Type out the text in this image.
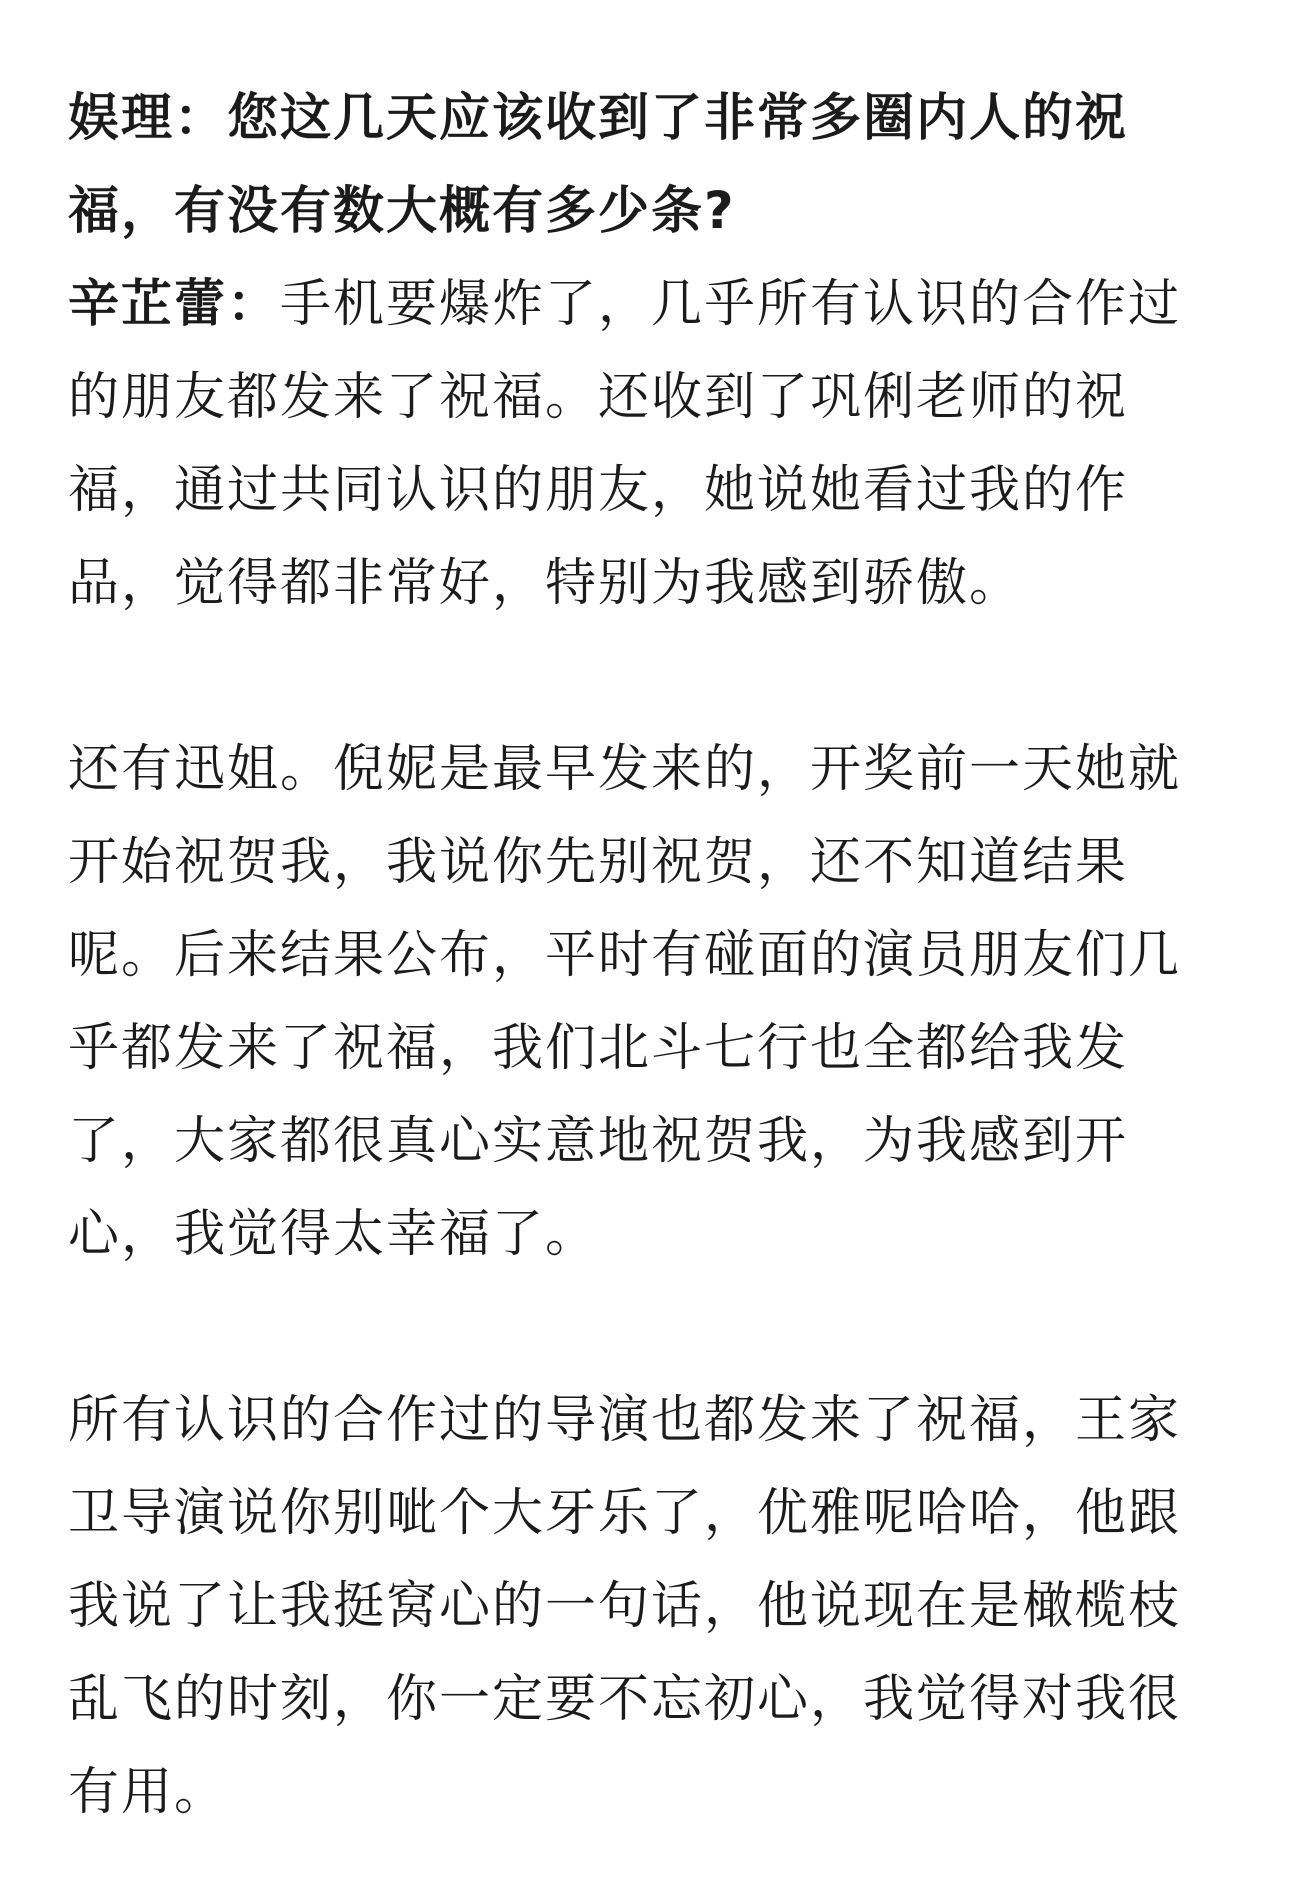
娱理：您这几天应该收到了非常多圈内人的祝
福，有没有数大概有多少条?
辛芷蕾：手机要爆炸了，几乎所有认识的合作过
的朋友都发来了祝福。还收到了巩俐老师的祝
福，通过共同认识的朋友，她说她看过我的作
品，觉得都非常好，特别为我感到骄傲。
还有迅姐。倪妮是最早发来的，开奖前一天她就
开始祝贺我，我说你先别祝贺，还不知道结果
呢。后来结果公布，平时有碰面的演员朋友们几
乎都发来了祝福，我们北斗七行也全都给我发
了，大家都很真心实意地祝贺我，为我感到开
心，我觉得太幸福了。
所有认识的合作过的导演也都发来了祝福，王家
卫导演说你别呲个大牙乐了，优雅呢哈哈，他跟
我说了让我挺窝心的一句话，他说现在是橄榄枝
乱飞的时刻，你一定要不忘初心，我觉得对我很
有用。
